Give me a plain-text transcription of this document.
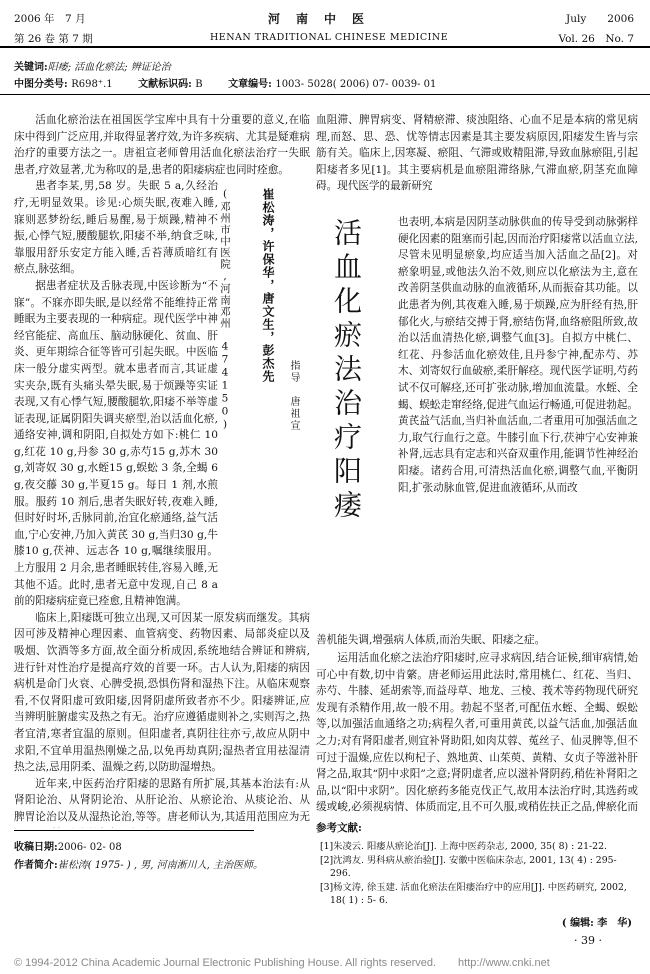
2006 年　7 月
第 26 卷 第 7 期
河　南　中　医
HENAN TRADITIONAL CHINESE MEDICINE
July　　2006
Vol. 26　No. 7
关键词:阳痿; 活血化瘀法; 辨证论治
中图分类号: R698⁺.1	文献标识码: B	文章编号: 1003- 5028( 2006) 07- 0039- 01

活血化瘀治法在祖国医学宝库中具有十分重要的意义,在临床中得到广泛应用,并取得显著疗效,为许多疾病、尤其是疑难病治疗的重要方法之一。唐祖宣老师曾用活血化瘀法治疗一失眠患者,疗效显著,尤为称叹的是,患者的阳痿病症也同时痊愈。

患者李某,男,58 岁。失眠 5 a,久经治疗,无明显效果。诊见:心烦失眠,夜难入睡,寐则恶梦纷纭,睡后易醒,易于烦躁,精神不振,心悸气短,腰酸腿软,阳痿不举,纳食乏味,靠服用舒乐安定方能入睡,舌苔薄质暗红有瘀点,脉弦细。

据患者症状及舌脉表现,中医诊断为“不寐”。不寐亦即失眠,是以经常不能维持正常睡眠为主要表现的一种病症。现代医学中神经官能症、高血压、脑动脉硬化、贫血、肝炎、更年期综合征等皆可引起失眠。中医临床一般分虚实两型。就本患者而言,其证虚实夹杂,既有头痛头晕失眠,易于烦躁等实证表现,又有心悸气短,腰酸腿软,阳痿不举等虚证表现,证属阴阳失调夹瘀型,治以活血化瘀,通络安神,调和阴阳,自拟处方如下:桃仁 10 g,红花 10 g,丹参 30 g,赤芍15 g,苏木 30 g,刘寄奴 30 g,水蛭15 g,蜈蚣 3 条,全蝎 6 g,夜交藤 30 g,半夏15 g。每日 1 剂,水煎服。服药 10 剂后,患者失眠好转,夜难入睡,但时好时坏,舌脉同前,治宜化瘀通络,益气活血,宁心安神,乃加入黄芪 30 g,当归30 g,牛膝10 g,茯神、远志各 10 g,嘱继续服用。上方服用 2 月余,患者睡眠转佳,容易入睡,无其他不适。此时,患者无意中发现,自己 8 a 前的阳痿病症竟已痊愈,且精神饱满。

临床上,阳痿既可独立出现,又可因某一原发病而继发。其病因可涉及精神心理因素、血管病变、药物因素、局部炎症以及吸烟、饮酒等多方面,故全面分析成因,系统地结合辨证和辨病,进行针对性治疗是提高疗效的首要一环。古人认为,阳痿的病因病机是命门火衰、心脾受损,恐惧伤肾和湿热下注。从临床观察看,不仅肾阳虚可致阳痿,因肾阴虚所致者亦不少。阳痿辨证,应当辨明脏腑虚实及热之有无。治疗应遵循虚则补之,实则泻之,热者宜清,寒者宜温的原则。但阳虚者,真阴往往亦亏,故应从阴中求阳,不宜单用温热刚燥之品,以免再劫真阴;湿热者宜用祛湿清热之法,忌用阴柔、温燥之药,以防助湿增热。

近年来,中医药治疗阳痿的思路有所扩展,其基本治法有:从肾阳论治、从肾阴论治、从肝论治、从瘀论治、从痰论治、从脾胃论治以及从湿热论治,等等。唐老师认为,其适用范围应为无

(邓州市中医院,河南邓州　474150)	崔松涛，许保华，唐文生，彭杰先
指导　唐祖宣 活血化瘀法治疗阳痿
血阻滞、脾胃病变、肾精瘀滞、痰浊阻络、心血不足是本病的常见病理,而怒、思、恐、忧等情志因素是其主要发病原因,阳痿发生皆与宗筋有关。临床上,因寒凝、瘀阻、气滞或败精阻滞,导致血脉瘀阻,引起阳痿者多见[1]。其主要病机是血瘀阻滞络脉,气滞血瘀,阴茎充血障碍。现代医学的最新研究
也表明,本病是因阴茎动脉供血的传导受到动脉粥样硬化因素的阻塞而引起,因而治疗阳痿常以活血立法,尽管未见明显瘀象,均应适当加入活血之品[2]。对瘀象明显,或他法久治不效,则应以化瘀法为主,意在改善阴茎供血动脉的血液循环,从而振奋其功能。以此患者为例,其夜难入睡,易于烦躁,应为肝经有热,肝郁化火,与瘀结交搏于肾,瘀结伤肾,血络瘀阻所致,故治以活血清热化瘀,调整气血[3]。自拟方中桃仁、红花、丹参活血化瘀效佳,且丹参宁神,配赤芍、苏木、刘寄奴行血破瘀,柔肝解痉。现代医学证明,芍药试不仅可解痉,还可扩张动脉,增加血流量。水蛭、全蝎、蜈蚣走窜经络,促进气血运行畅通,可促进勃起。黄芪益气活血,当归补血活血,二者重用可加强活血之力,取气行血行之意。牛膝引血下行,茯神宁心安神兼补肾,远志具有定志和兴奋双重作用,能调节性神经治阳痿。诸药合用,可清热活血化瘀,调整气血,平衡阴阳,扩张动脉血管,促进血液循环,从而改
善机能失调,增强病人体质,而治失眠、阳痿之症。

运用活血化瘀之法治疗阳痿时,应寻求病因,结合证候,细审病情,始可心中有数,切中肯綮。唐老师运用此法时,常用桃仁、红花、当归、赤芍、牛膝、延胡索等,而益母草、地龙、三棱、莪术等药物现代研究发现有杀精作用,故一般不用。勃起不坚者,可配伍水蛭、全蝎、蜈蚣等,以加强活血通络之功;病程久者,可重用黄芪,以益气活血,加强活血之力;对有肾阳虚者,则宜补肾助阳,如肉苁蓉、菟丝子、仙灵脾等,但不可过于温燥,应佐以枸杞子、熟地黄、山茱萸、黄精、女贞子等滋补肝肾之品,取其“阴中求阳”之意;肾阴虚者,应以滋补肾阴药,稍佐补肾阳之品,以“阳中求阴”。因化瘀药多能克伐正气,故用本法治疗时,其选药或缓或峻,必须视病情、体质而定,且不可久服,或稍佐扶正之品,俾瘀化而

参考文献:

[1]朱凌云. 阳痿从瘀论治[J]. 上海中医药杂志, 2000, 35( 8) : 21-22.

[2]沈鸿友. 男科病从瘀治验[J]. 安徽中医临床杂志, 2001, 13( 4) : 295- 296.

[3]杨文涛, 徐玉建. 活血化瘀法在阳痿治疗中的应用[J]. 中医药研究, 2002, 18( 1) : 5- 6.

( 编辑: 李　华)
收稿日期:2006- 02- 08
作者简介:崔松涛( 1975- ) , 男, 河南淅川人, 主治医师。
· 39 ·
© 1994-2012 China Academic Journal Electronic Publishing House. All rights reserved.　　http://www.cnki.net
